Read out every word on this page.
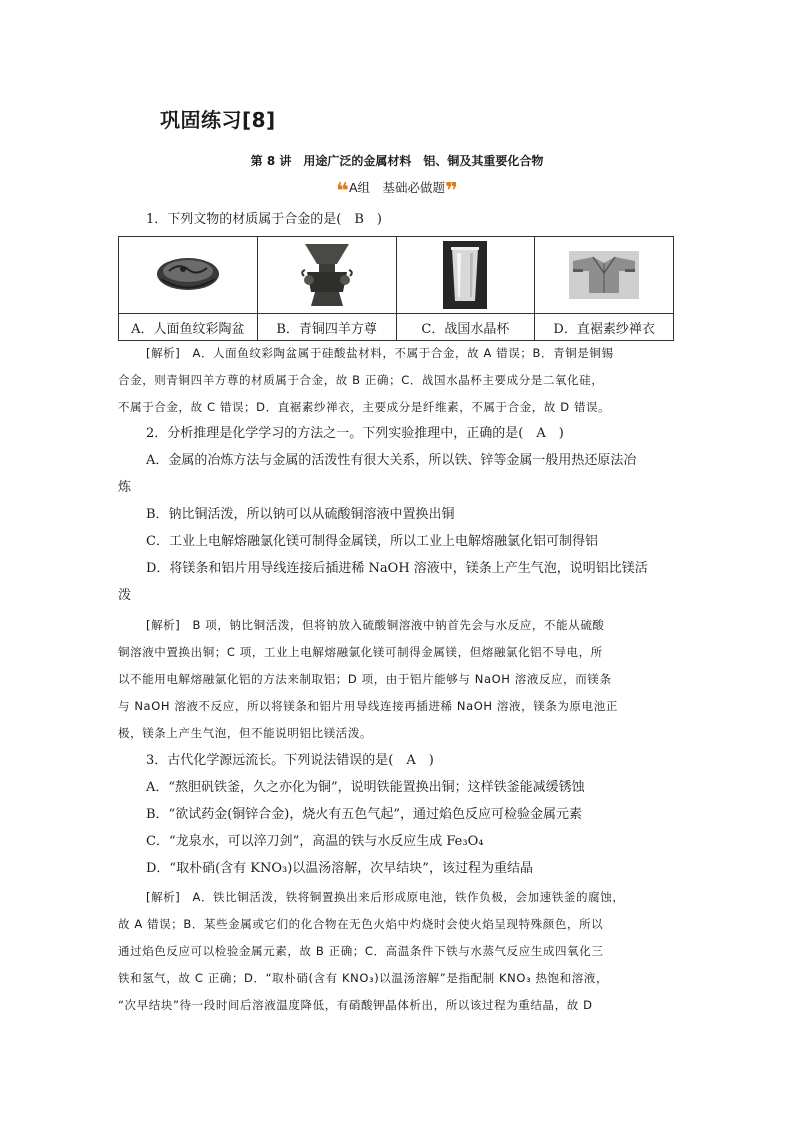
巩固练习[8]
第 8 讲　用途广泛的金属材料　铝、铜及其重要化合物
❝A组　基础必做题❞
1．下列文物的材质属于合金的是(　B　)

A．人面鱼纹彩陶盆	B．青铜四羊方尊	C．战国水晶杯	D．直裾素纱禅衣
[解析]　A．人面鱼纹彩陶盆属于硅酸盐材料，不属于合金，故 A 错误；B．青铜是铜锡
合金，则青铜四羊方尊的材质属于合金，故 B 正确；C．战国水晶杯主要成分是二氧化硅，
不属于合金，故 C 错误；D．直裾素纱禅衣，主要成分是纤维素，不属于合金，故 D 错误。
2．分析推理是化学学习的方法之一。下列实验推理中，正确的是(　A　)
A．金属的冶炼方法与金属的活泼性有很大关系，所以铁、锌等金属一般用热还原法冶
炼
B．钠比铜活泼，所以钠可以从硫酸铜溶液中置换出铜
C．工业上电解熔融氯化镁可制得金属镁，所以工业上电解熔融氯化铝可制得铝
D．将镁条和铝片用导线连接后插进稀 NaOH 溶液中，镁条上产生气泡，说明铝比镁活
泼
[解析]　B 项，钠比铜活泼，但将钠放入硫酸铜溶液中钠首先会与水反应，不能从硫酸
铜溶液中置换出铜；C 项，工业上电解熔融氯化镁可制得金属镁，但熔融氯化铝不导电，所
以不能用电解熔融氯化铝的方法来制取铝；D 项，由于铝片能够与 NaOH 溶液反应，而镁条
与 NaOH 溶液不反应，所以将镁条和铝片用导线连接再插进稀 NaOH 溶液，镁条为原电池正
极，镁条上产生气泡，但不能说明铝比镁活泼。
3．古代化学源远流长。下列说法错误的是(　A　)
A．“熬胆矾铁釜，久之亦化为铜”，说明铁能置换出铜；这样铁釜能减缓锈蚀
B．“欲试药金(铜锌合金)，烧火有五色气起”，通过焰色反应可检验金属元素
C．“龙泉水，可以淬刀剑”，高温的铁与水反应生成 Fe₃O₄
D．“取朴硝(含有 KNO₃)以温汤溶解，次早结块”，该过程为重结晶
[解析]　A．铁比铜活泼，铁将铜置换出来后形成原电池，铁作负极，会加速铁釜的腐蚀，
故 A 错误；B．某些金属或它们的化合物在无色火焰中灼烧时会使火焰呈现特殊颜色，所以
通过焰色反应可以检验金属元素，故 B 正确；C．高温条件下铁与水蒸气反应生成四氧化三
铁和氢气，故 C 正确；D．“取朴硝(含有 KNO₃)以温汤溶解”是指配制 KNO₃ 热饱和溶液，
“次早结块”待一段时间后溶液温度降低，有硝酸钾晶体析出，所以该过程为重结晶，故 D
